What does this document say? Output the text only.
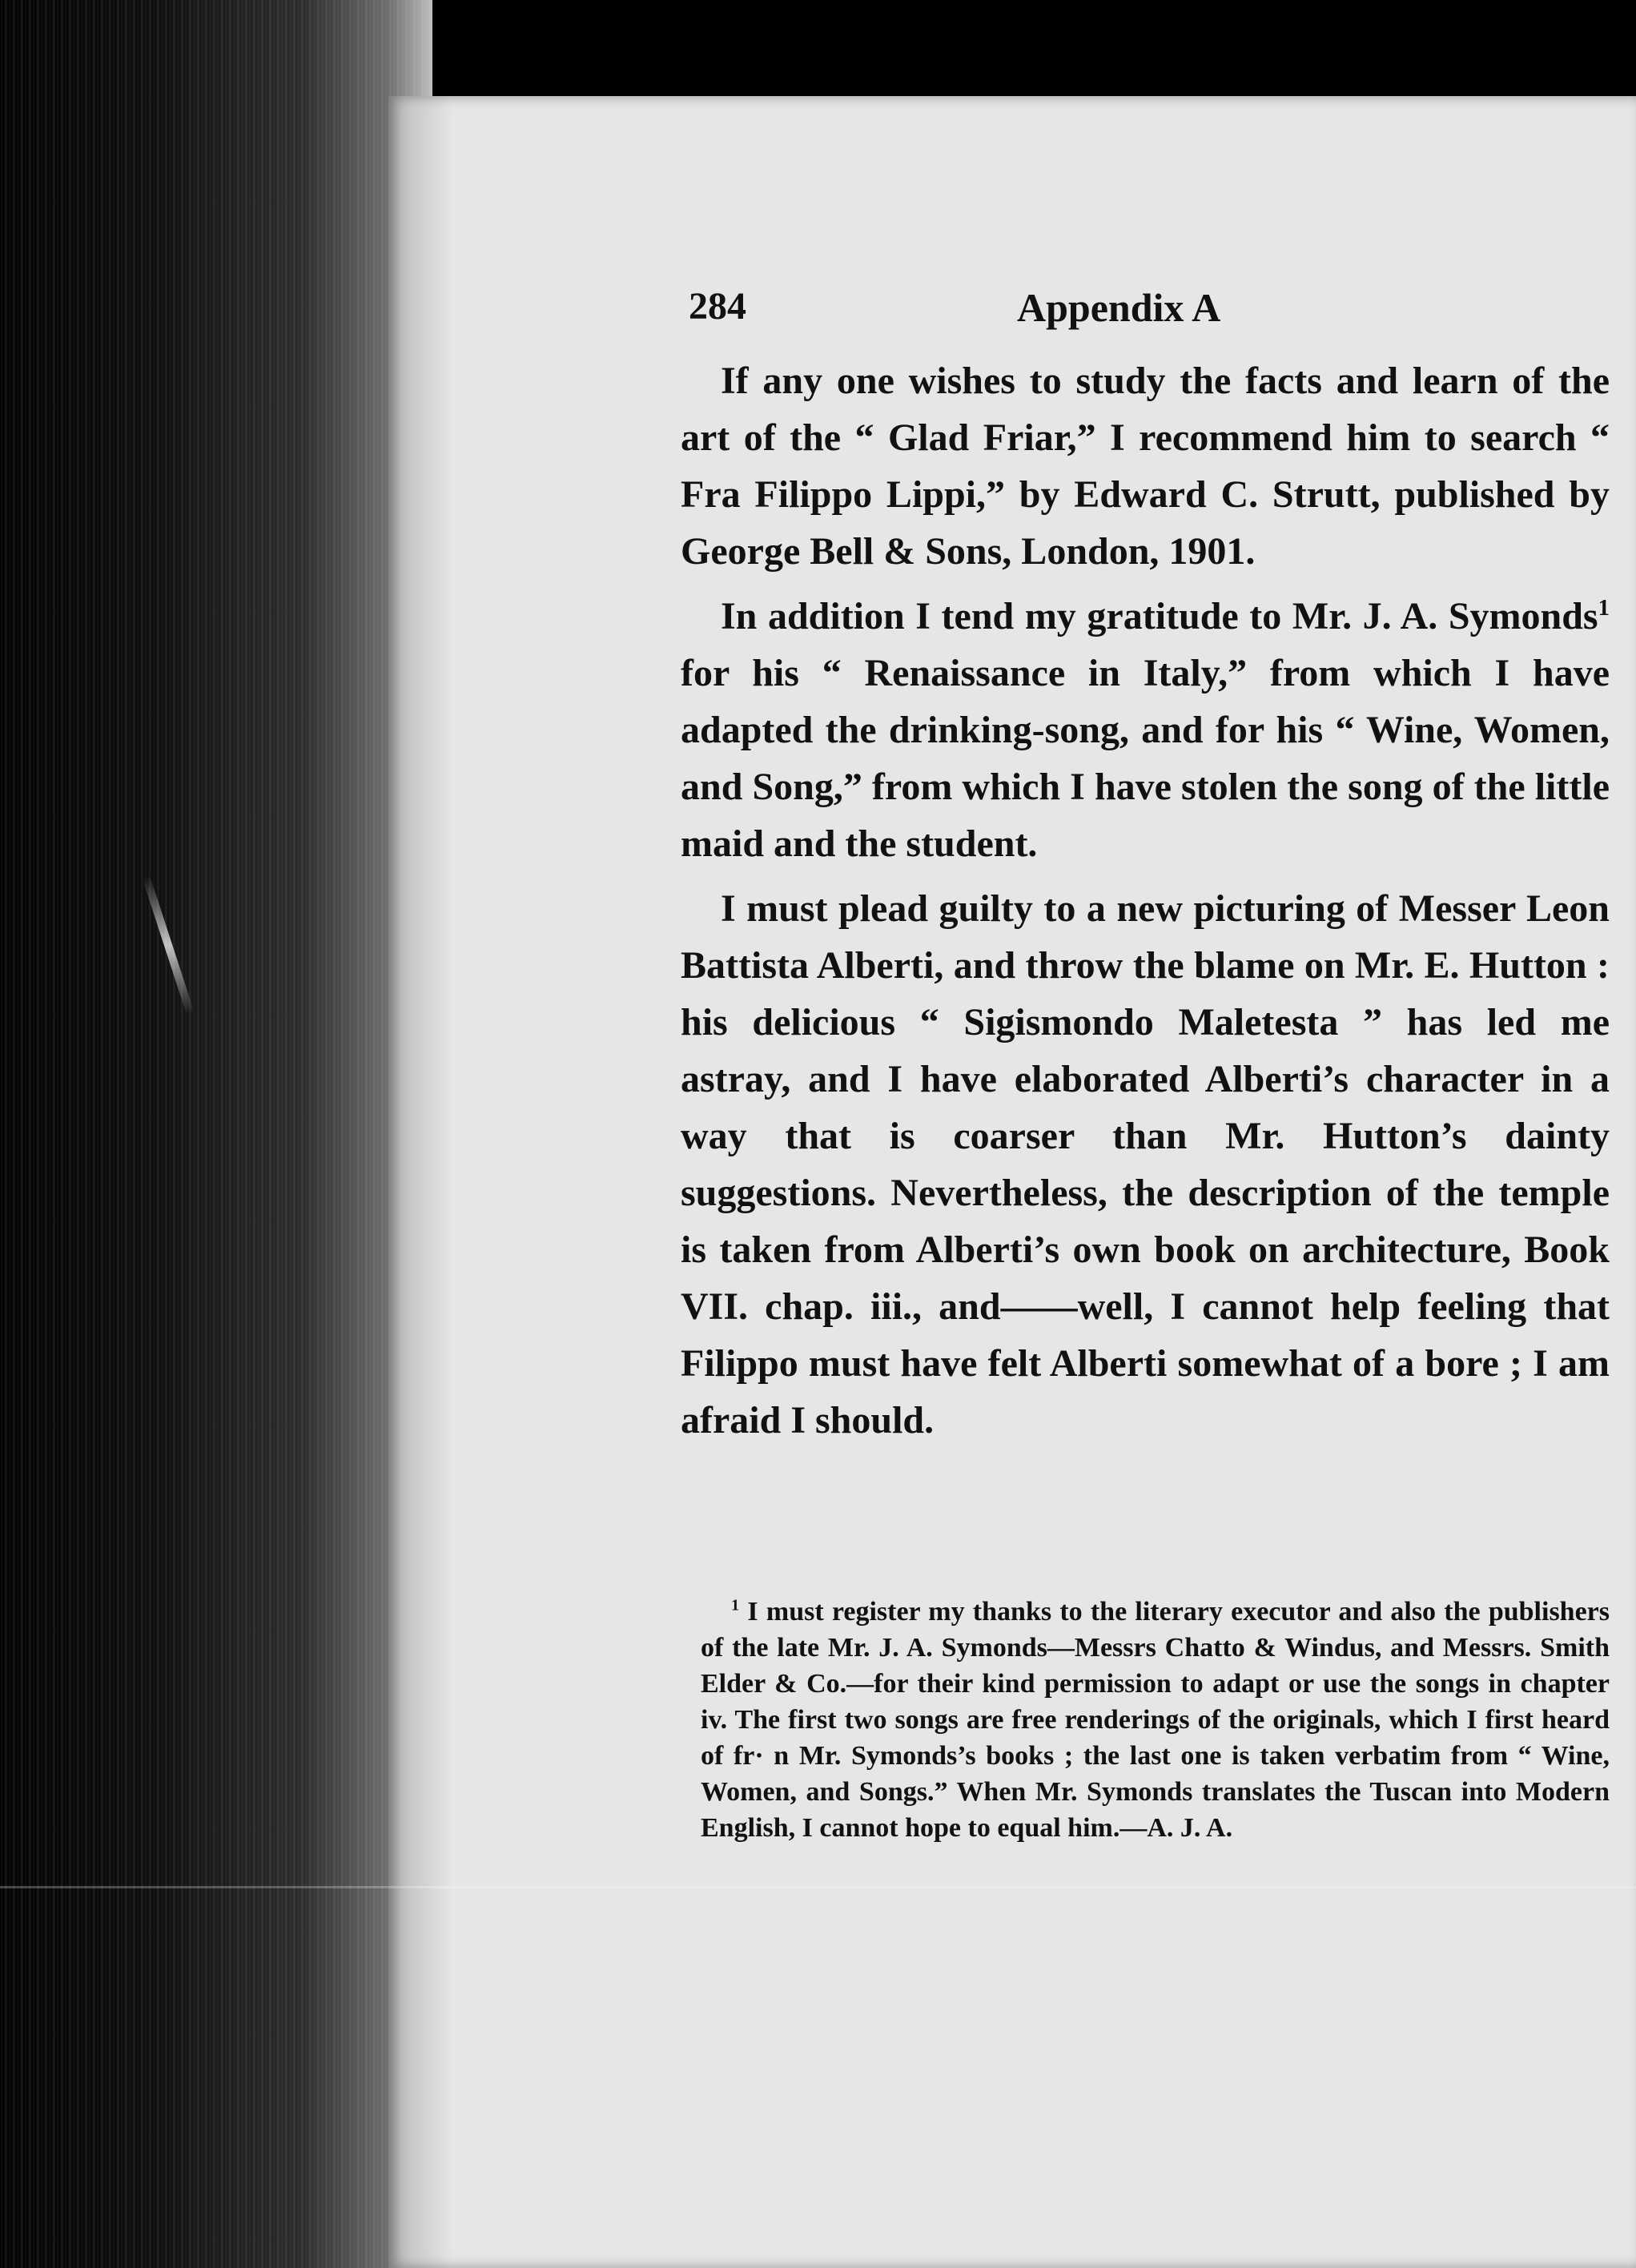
284	Appendix A

If any one wishes to study the facts and learn of the art of the “ Glad Friar,” I recommend him to search “ Fra Filippo Lippi,” by Edward C. Strutt, published by George Bell & Sons, London, 1901.

In addition I tend my gratitude to Mr. J. A. Symonds$^1$ for his “ Renaissance in Italy,” from which I have adapted the drinking-song, and for his “ Wine, Women, and Song,” from which I have stolen the song of the little maid and the student.

I must plead guilty to a new picturing of Messer Leon Battista Alberti, and throw the blame on Mr. E. Hutton : his delicious “ Sigismondo Maletesta ” has led me astray, and I have elaborated Alberti’s character in a way that is coarser than Mr. Hutton’s dainty suggestions. Nevertheless, the description of the temple is taken from Alberti’s own book on architecture, Book VII. chap. iii., and——well, I cannot help feeling that Filippo must have felt Alberti somewhat of a bore ; I am afraid I should.

$^1$ I must register my thanks to the literary executor and also the publishers of the late Mr. J. A. Symonds—Messrs Chatto & Windus, and Messrs. Smith Elder & Co.—for their kind permission to adapt or use the songs in chapter iv. The first two songs are free renderings of the originals, which I first heard of fr· n Mr. Symonds’s books ; the last one is taken verbatim from “ Wine, Women, and Songs.” When Mr. Symonds translates the Tuscan into Modern English, I cannot hope to equal him.—A. J. A.
